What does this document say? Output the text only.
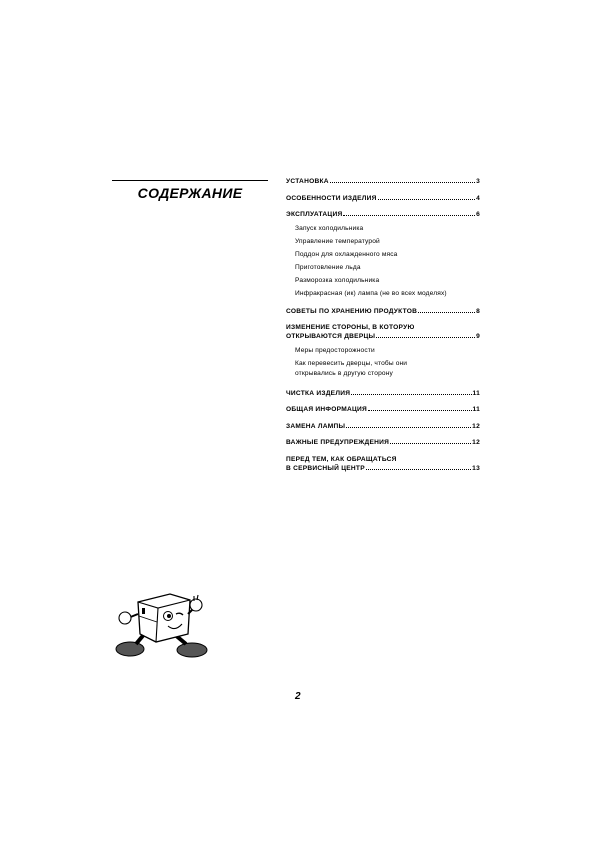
СОДЕРЖАНИЕ
УСТАНОВКА	3
ОСОБЕННОСТИ ИЗДЕЛИЯ	4
ЭКСПЛУАТАЦИЯ	6
Запуск холодильника
Управление температурой
Поддон для охлажденного мяса
Приготовление льда
Разморозка холодильника
Инфракрасная (ик) лампа (не во всех моделях)
СОВЕТЫ ПО ХРАНЕНИЮ ПРОДУКТОВ	8
ИЗМЕНЕНИЕ СТОРОНЫ, В КОТОРУЮ
ОТКРЫВАЮТСЯ ДВЕРЦЫ	9
Меры предосторожности
Как перевесить дверцы, чтобы они
открывались в другую сторону
ЧИСТКА ИЗДЕЛИЯ	11
ОБЩАЯ ИНФОРМАЦИЯ	11
ЗАМЕНА ЛАМПЫ	12
ВАЖНЫЕ ПРЕДУПРЕЖДЕНИЯ	12
ПЕРЕД ТЕМ, КАК ОБРАЩАТЬСЯ
В СЕРВИСНЫЙ ЦЕНТР	13
2
